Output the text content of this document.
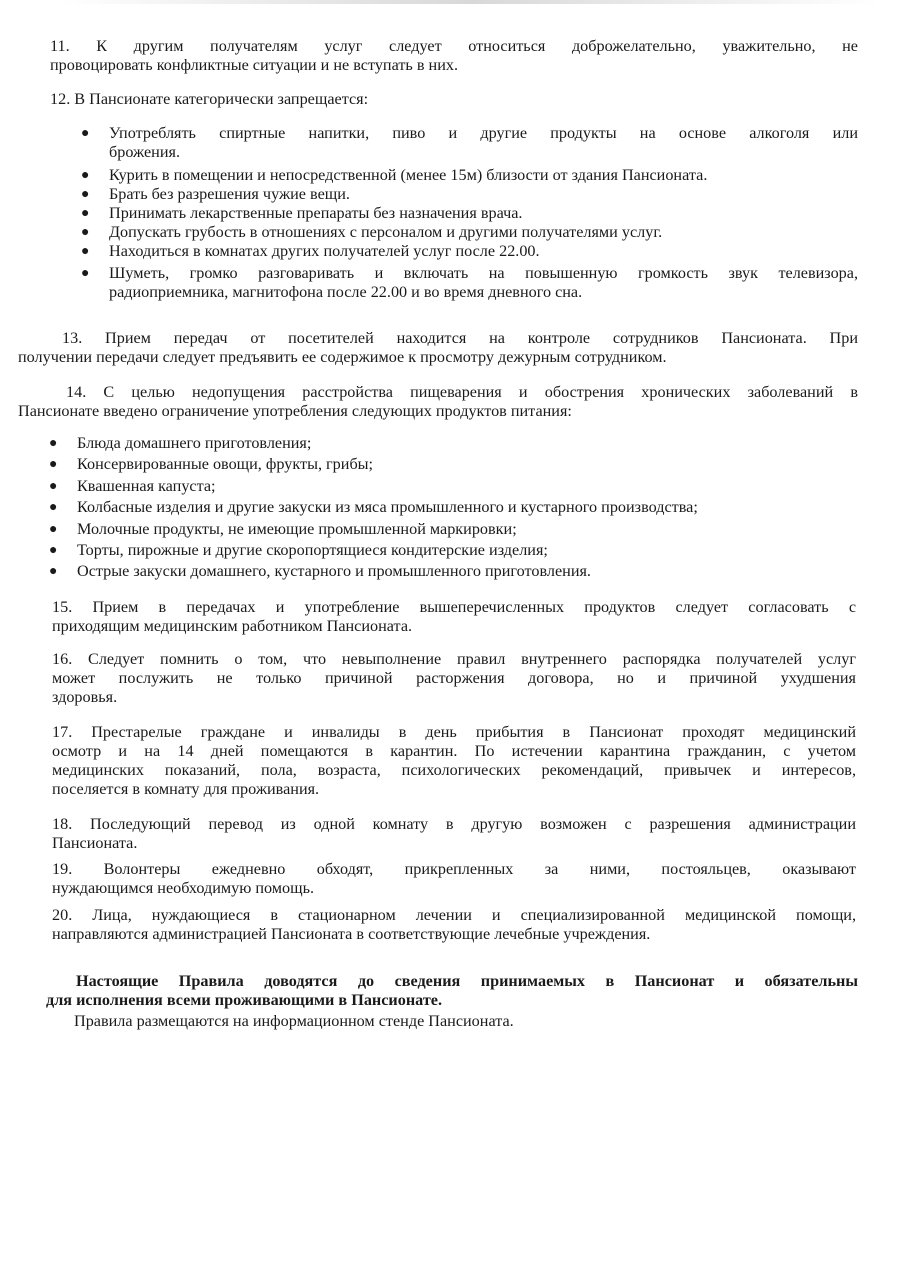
11. К другим получателям услуг следует относиться доброжелательно, уважительно, не
провоцировать конфликтные ситуации и не вступать в них.
12. В Пансионате категорически запрещается:
● Употреблять спиртные напитки, пиво и другие продукты на основе алкоголя или
брожения.
● Курить в помещении и непосредственной (менее 15м) близости от здания Пансионата.
● Брать без разрешения чужие вещи.
● Принимать лекарственные препараты без назначения врача.
● Допускать грубость в отношениях с персоналом и другими получателями услуг.
● Находиться в комнатах других получателей услуг после 22.00.
● Шуметь, громко разговаривать и включать на повышенную громкость звук телевизора,
радиоприемника, магнитофона после 22.00 и во время дневного сна.
13. Прием передач от посетителей находится на контроле сотрудников Пансионата. При
получении передачи следует предъявить ее содержимое к просмотру дежурным сотрудником.
14. С целью недопущения расстройства пищеварения и обострения хронических заболеваний в
Пансионате введено ограничение употребления следующих продуктов питания:
● Блюда домашнего приготовления;
● Консервированные овощи, фрукты, грибы;
● Квашенная капуста;
● Колбасные изделия и другие закуски из мяса промышленного и кустарного производства;
● Молочные продукты, не имеющие промышленной маркировки;
● Торты, пирожные и другие скоропортящиеся кондитерские изделия;
● Острые закуски домашнего, кустарного и промышленного приготовления.
15. Прием в передачах и употребление вышеперечисленных продуктов следует согласовать с
приходящим медицинским работником Пансионата.
16. Следует помнить о том, что невыполнение правил внутреннего распорядка получателей услуг
может послужить не только причиной расторжения договора, но и причиной ухудшения
здоровья.
17. Престарелые граждане и инвалиды в день прибытия в Пансионат проходят медицинский
осмотр и на 14 дней помещаются в карантин. По истечении карантина гражданин, с учетом
медицинских показаний, пола, возраста, психологических рекомендаций, привычек и интересов,
поселяется в комнату для проживания.
18. Последующий перевод из одной комнату в другую возможен с разрешения администрации
Пансионата.
19. Волонтеры ежедневно обходят, прикрепленных за ними, постояльцев, оказывают
нуждающимся необходимую помощь.
20. Лица, нуждающиеся в стационарном лечении и специализированной медицинской помощи,
направляются администрацией Пансионата в соответствующие лечебные учреждения.
Настоящие Правила доводятся до сведения принимаемых в Пансионат и обязательны
для исполнения всеми проживающими в Пансионате.
Правила размещаются на информационном стенде Пансионата.
